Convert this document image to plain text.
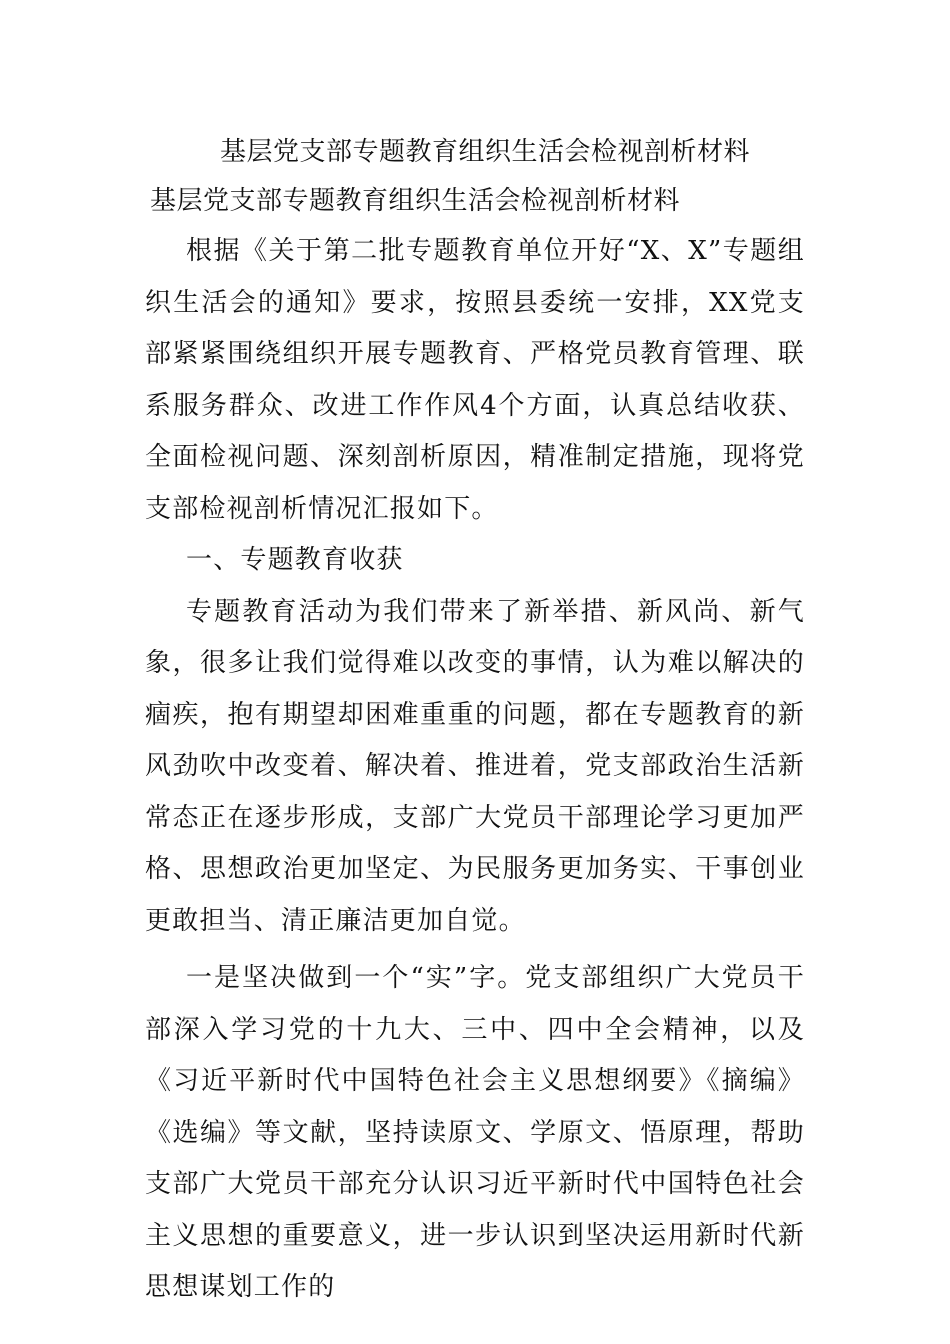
基层党支部专题教育组织生活会检视剖析材料
基层党支部专题教育组织生活会检视剖析材料

根据《关于第二批专题教育单位开好“X、X”专题组织生活会的通知》要求，按照县委统一安排，XX党支部紧紧围绕组织开展专题教育、严格党员教育管理、联系服务群众、改进工作作风4个方面，认真总结收获、全面检视问题、深刻剖析原因，精准制定措施，现将党支部检视剖析情况汇报如下。

一、专题教育收获

专题教育活动为我们带来了新举措、新风尚、新气象，很多让我们觉得难以改变的事情，认为难以解决的痼疾，抱有期望却困难重重的问题，都在专题教育的新风劲吹中改变着、解决着、推进着，党支部政治生活新常态正在逐步形成，支部广大党员干部理论学习更加严格、思想政治更加坚定、为民服务更加务实、干事创业更敢担当、清正廉洁更加自觉。

一是坚决做到一个“实”字。党支部组织广大党员干部深入学习党的十九大、三中、四中全会精神，以及《习近平新时代中国特色社会主义思想纲要》《摘编》《选编》等文献，坚持读原文、学原文、悟原理，帮助支部广大党员干部充分认识习近平新时代中国特色社会主义思想的重要意义，进一步认识到坚决运用新时代新思想谋划工作的
